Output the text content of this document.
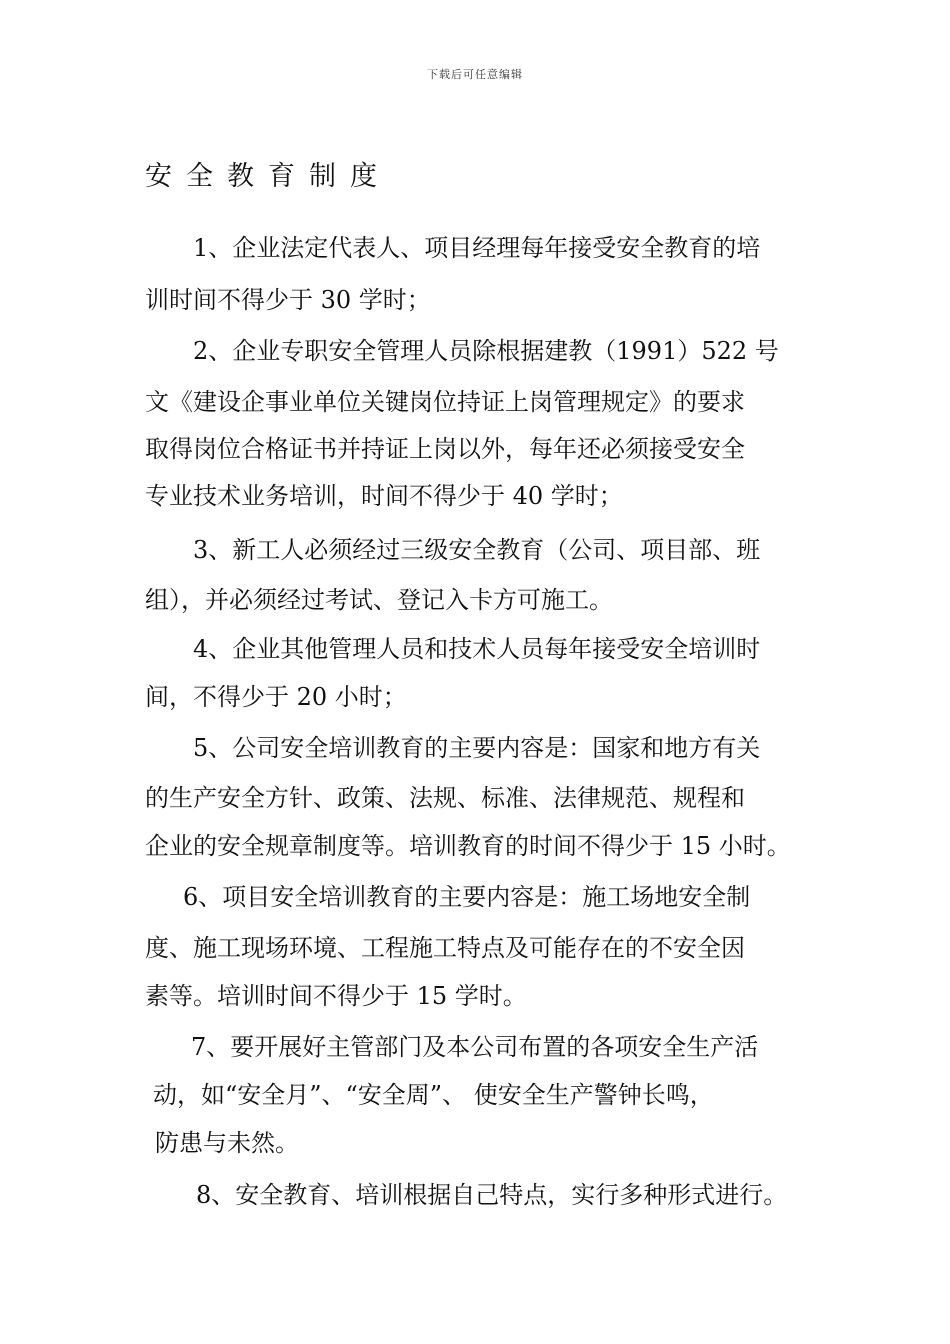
下载后可任意编辑
安全教育制度
1、企业法定代表人、项目经理每年接受安全教育的培
训时间不得少于 30 学时；
2、企业专职安全管理人员除根据建教（1991）522 号
文《建设企事业单位关键岗位持证上岗管理规定》的要求
取得岗位合格证书并持证上岗以外，每年还必须接受安全
专业技术业务培训，时间不得少于 40 学时；
3、新工人必须经过三级安全教育（公司、项目部、班
组），并必须经过考试、登记入卡方可施工。
4、企业其他管理人员和技术人员每年接受安全培训时
间，不得少于 20 小时；
5、公司安全培训教育的主要内容是：国家和地方有关
的生产安全方针、政策、法规、标准、法律规范、规程和
企业的安全规章制度等。培训教育的时间不得少于 15 小时。
6、项目安全培训教育的主要内容是：施工场地安全制
度、施工现场环境、工程施工特点及可能存在的不安全因
素等。培训时间不得少于 15 学时。
7、要开展好主管部门及本公司布置的各项安全生产活
动，如“安全月”、“安全周”、 使安全生产警钟长鸣，
防患与未然。
8、安全教育、培训根据自己特点，实行多种形式进行。
